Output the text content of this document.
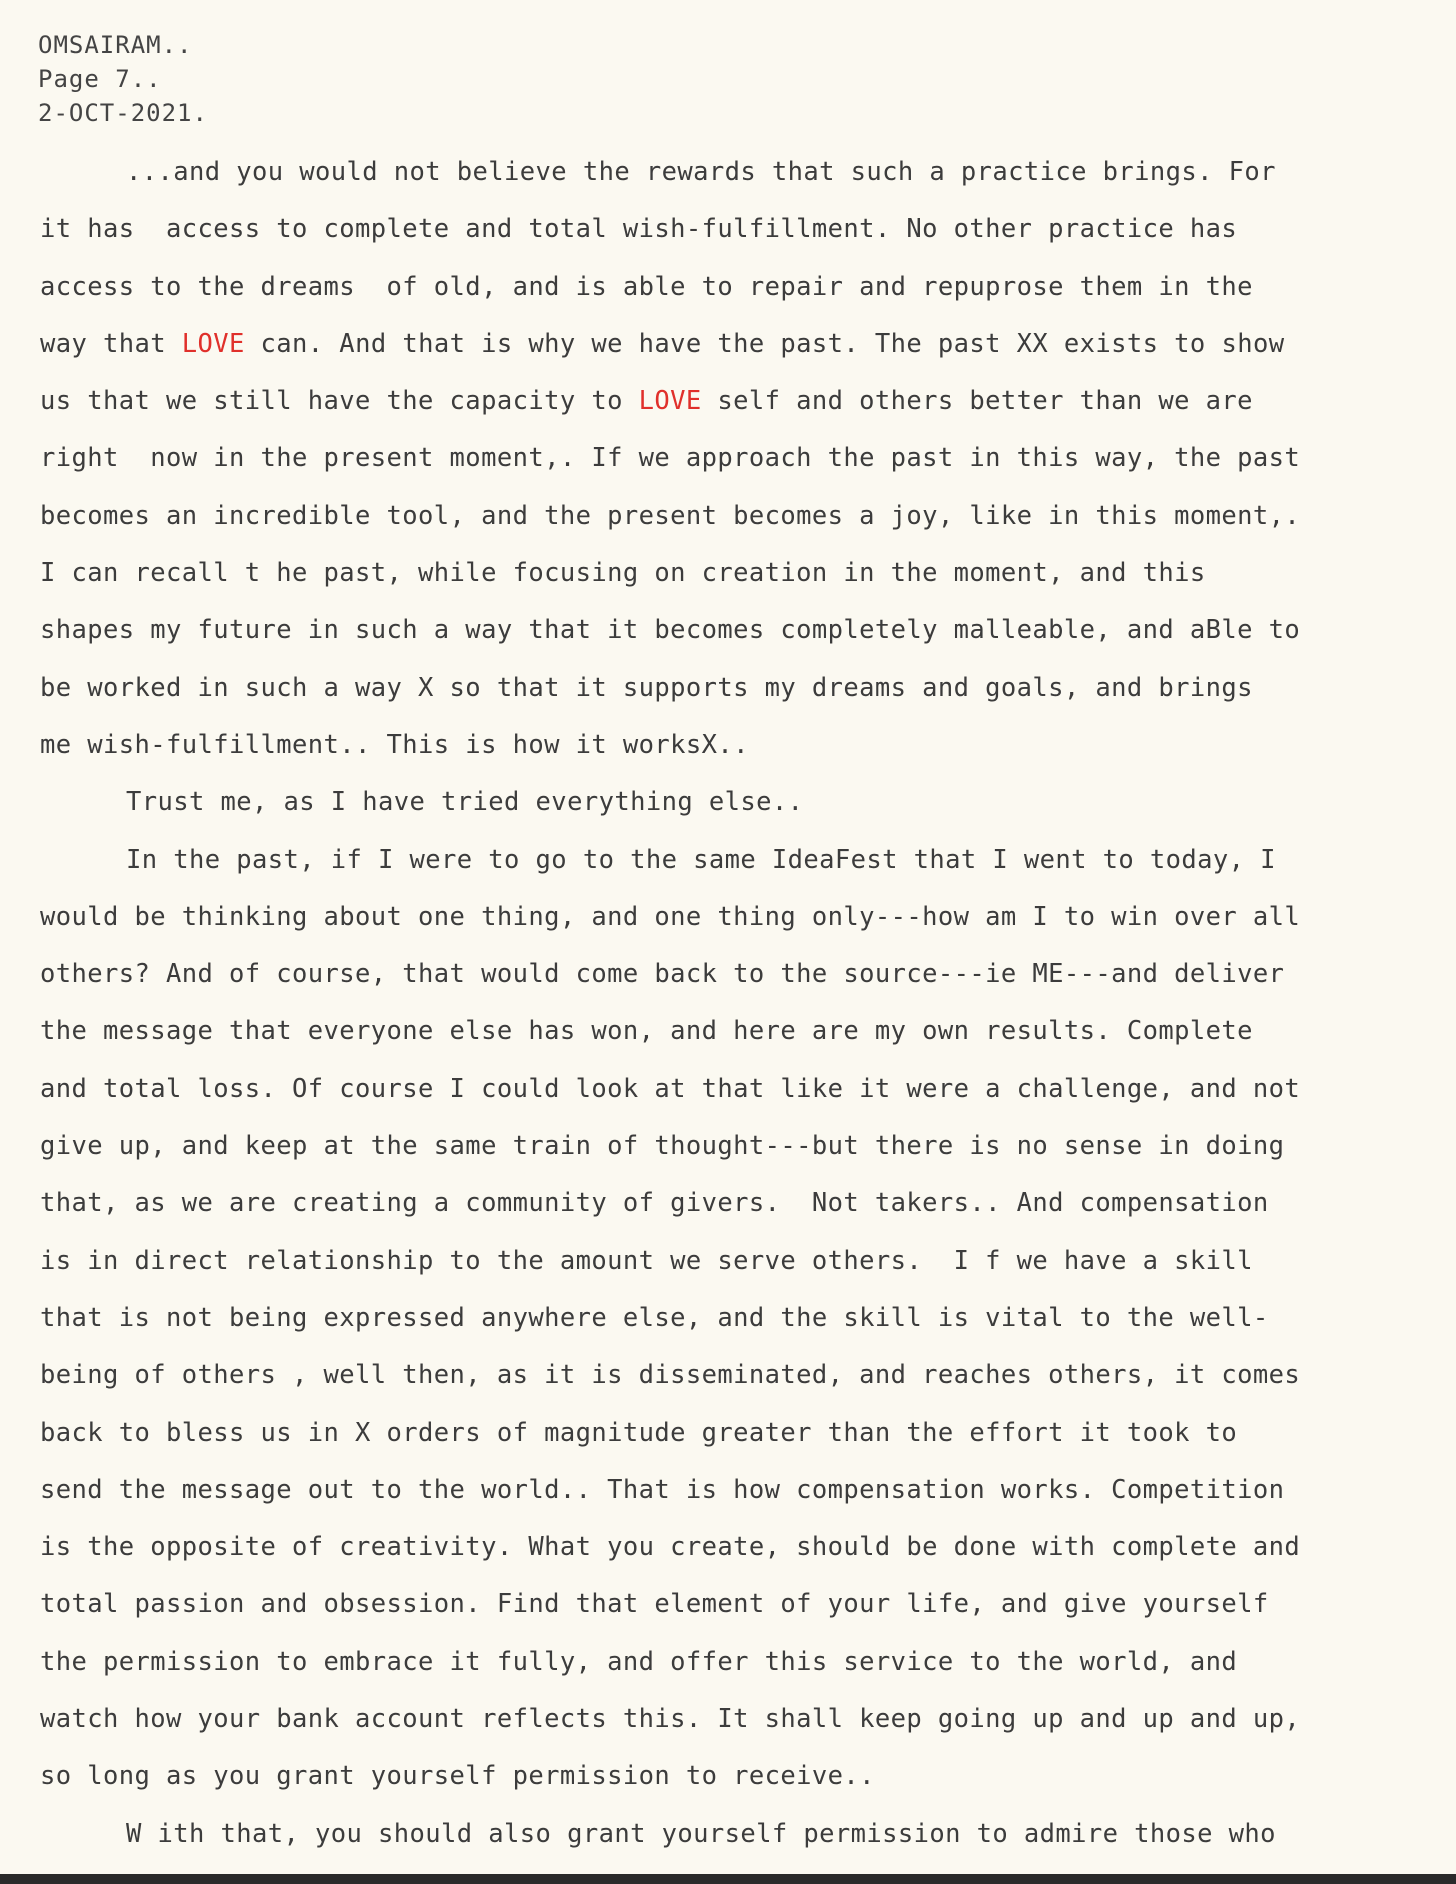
OMSAIRAM..
Page 7..
2-OCT-2021.
...and you would not believe the rewards that such a practice brings. For
it has  access to complete and total wish-fulfillment. No other practice has
access to the dreams  of old, and is able to repair and repuprose them in the
way that LOVE can. And that is why we have the past. The past XX exists to show
us that we still have the capacity to LOVE self and others better than we are
right  now in the present moment,. If we approach the past in this way, the past
becomes an incredible tool, and the present becomes a joy, like in this moment,.
I can recall t he past, while focusing on creation in the moment, and this
shapes my future in such a way that it becomes completely malleable, and aBle to
be worked in such a way X so that it supports my dreams and goals, and brings
me wish-fulfillment.. This is how it worksX..
Trust me, as I have tried everything else..
In the past, if I were to go to the same IdeaFest that I went to today, I
would be thinking about one thing, and one thing only---how am I to win over all
others? And of course, that would come back to the source---ie ME---and deliver
the message that everyone else has won, and here are my own results. Complete
and total loss. Of course I could look at that like it were a challenge, and not
give up, and keep at the same train of thought---but there is no sense in doing
that, as we are creating a community of givers.  Not takers.. And compensation
is in direct relationship to the amount we serve others.  I f we have a skill
that is not being expressed anywhere else, and the skill is vital to the well-
being of others , well then, as it is disseminated, and reaches others, it comes
back to bless us in X orders of magnitude greater than the effort it took to
send the message out to the world.. That is how compensation works. Competition
is the opposite of creativity. What you create, should be done with complete and
total passion and obsession. Find that element of your life, and give yourself
the permission to embrace it fully, and offer this service to the world, and
watch how your bank account reflects this. It shall keep going up and up and up,
so long as you grant yourself permission to receive..
W ith that, you should also grant yourself permission to admire those who
